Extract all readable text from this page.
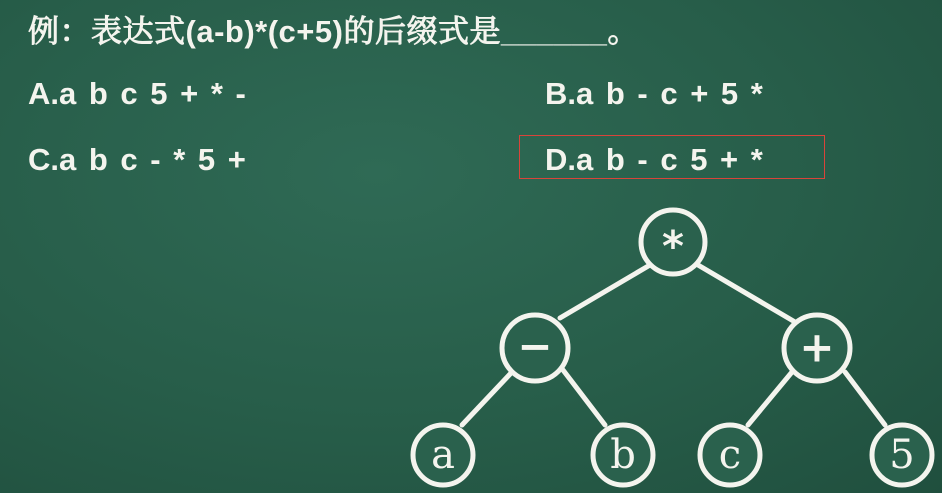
例：表达式(a-b)*(c+5)的后缀式是______。
A.a b c 5 + * -	B.a b - c + 5 *
C.a b c - * 5 +	D.a b - c 5 + *
*
−	+
a	b c	5
